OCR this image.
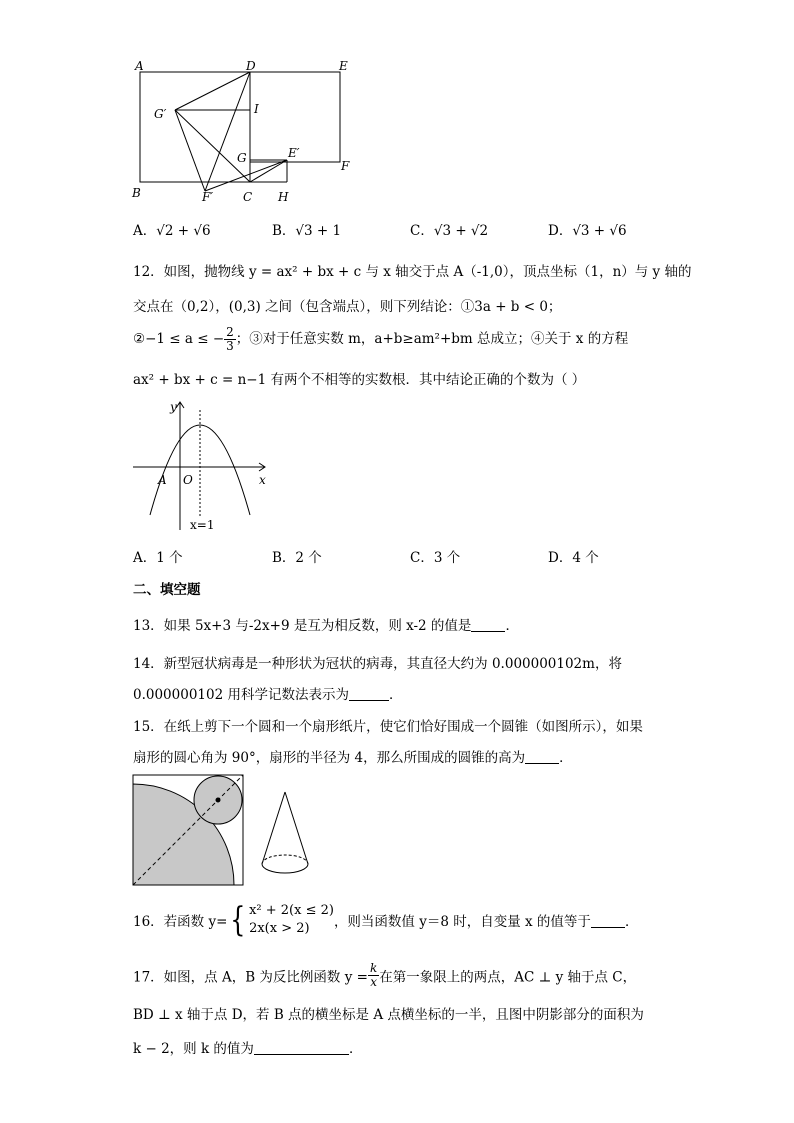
A	D	E
G′	I
G	E′
F
B	F′ C H
A．√2 + √6	B．√3 + 1	C．√3 + √2	D．√3 + √6
12．如图，抛物线 y = ax² + bx + c 与 x 轴交于点 A（-1,0），顶点坐标（1，n）与 y 轴的
交点在（0,2），(0,3) 之间（包含端点），则下列结论：①3a + b < 0；
②−1 ≤ a ≤ − $\frac{2}{3}$ ；③对于任意实数 m，a+b≥am²+bm 总成立；④关于 x 的方程
ax² + bx + c = n−1 有两个不相等的实数根．其中结论正确的个数为（ ）
y
x
A O
x=1
A．1 个	B．2 个	C．3 个	D．4 个
二、填空题
13．如果 5x+3 与-2x+9 是互为相反数，则 x-2 的值是	．
14．新型冠状病毒是一种形状为冠状的病毒，其直径大约为 0.000000102m，将
0.000000102 用科学记数法表示为	．
15．在纸上剪下一个圆和一个扇形纸片，使它们恰好围成一个圆锥（如图所示），如果
扇形的圆心角为 90°，扇形的半径为 4，那么所围成的圆锥的高为	．
16．若函数 y={ x² + 2(x ≤ 2)
2x(x > 2)	，则当函数值 y＝8 时，自变量 x 的值等于	．
17．如图，点 A，B 为反比例函数 $y = \frac{k}{x}$ 在第一象限上的两点，AC ⊥ y 轴于点 C，
BD ⊥ x 轴于点 D，若 B 点的横坐标是 A 点横坐标的一半，且图中阴影部分的面积为
k − 2，则 k 的值为	．
